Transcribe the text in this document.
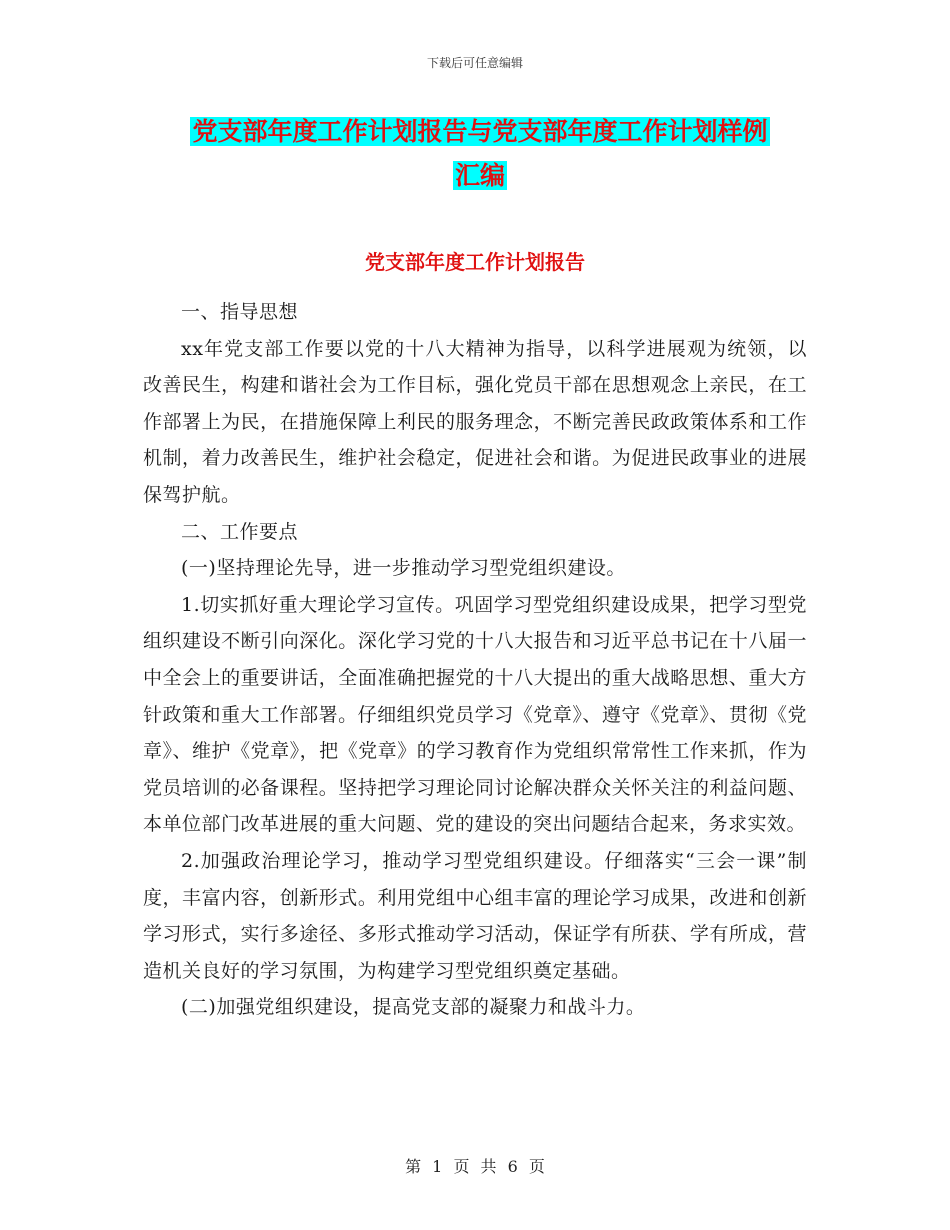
下载后可任意编辑
党支部年度工作计划报告与党支部年度工作计划样例
汇编
党支部年度工作计划报告

一、指导思想

xx年党支部工作要以党的十八大精神为指导，以科学进展观为统领，以改善民生，构建和谐社会为工作目标，强化党员干部在思想观念上亲民，在工作部署上为民，在措施保障上利民的服务理念，不断完善民政政策体系和工作机制，着力改善民生，维护社会稳定，促进社会和谐。为促进民政事业的进展保驾护航。

二、工作要点

(一)坚持理论先导，进一步推动学习型党组织建设。

1.切实抓好重大理论学习宣传。巩固学习型党组织建设成果，把学习型党组织建设不断引向深化。深化学习党的十八大报告和习近平总书记在十八届一中全会上的重要讲话，全面准确把握党的十八大提出的重大战略思想、重大方针政策和重大工作部署。仔细组织党员学习《党章》、遵守《党章》、贯彻《党章》、维护《党章》，把《党章》的学习教育作为党组织常常性工作来抓，作为党员培训的必备课程。坚持把学习理论同讨论解决群众关怀关注的利益问题、本单位部门改革进展的重大问题、党的建设的突出问题结合起来，务求实效。

2.加强政治理论学习，推动学习型党组织建设。仔细落实“三会一课”制度，丰富内容，创新形式。利用党组中心组丰富的理论学习成果，改进和创新学习形式，实行多途径、多形式推动学习活动，保证学有所获、学有所成，营造机关良好的学习氛围，为构建学习型党组织奠定基础。

(二)加强党组织建设，提高党支部的凝聚力和战斗力。

第 1 页 共 6 页
